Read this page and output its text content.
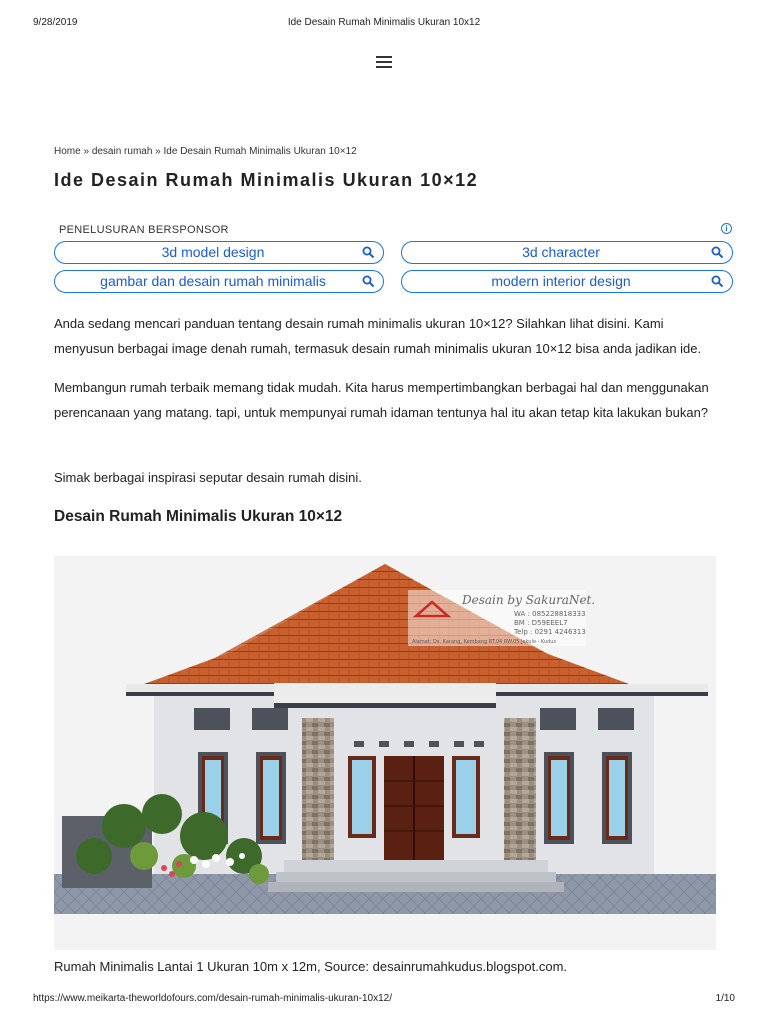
9/28/2019	Ide Desain Rumah Minimalis Ukuran 10x12
Home » desain rumah » Ide Desain Rumah Minimalis Ukuran 10×12
Ide Desain Rumah Minimalis Ukuran 10×12
PENELUSURAN BERSPONSOR	i
3d model design	3d character
gambar dan desain rumah minimalis	modern interior design

Anda sedang mencari panduan tentang desain rumah minimalis ukuran 10×12? Silahkan lihat disini. Kami menyusun berbagai image denah rumah, termasuk desain rumah minimalis ukuran 10×12 bisa anda jadikan ide.

Membangun rumah terbaik memang tidak mudah. Kita harus mempertimbangkan berbagai hal dan menggunakan perencanaan yang matang. tapi, untuk mempunyai rumah idaman tentunya hal itu akan tetap kita lakukan bukan?

Simak berbagai inspirasi seputar desain rumah disini.

Desain Rumah Minimalis Ukuran 10×12
Desain by SakuraNet.
WA : 085228818333
BM : D59EEEL7
Telp : 0291 4246313
Alamat: Ds. Karang, Kembang RT.04 RW.05 Jekulo - Kudus
Rumah Minimalis Lantai 1 Ukuran 10m x 12m, Source: desainrumahkudus.blogspot.com.
https://www.meikarta-theworldofours.com/desain-rumah-minimalis-ukuran-10x12/	1/10
